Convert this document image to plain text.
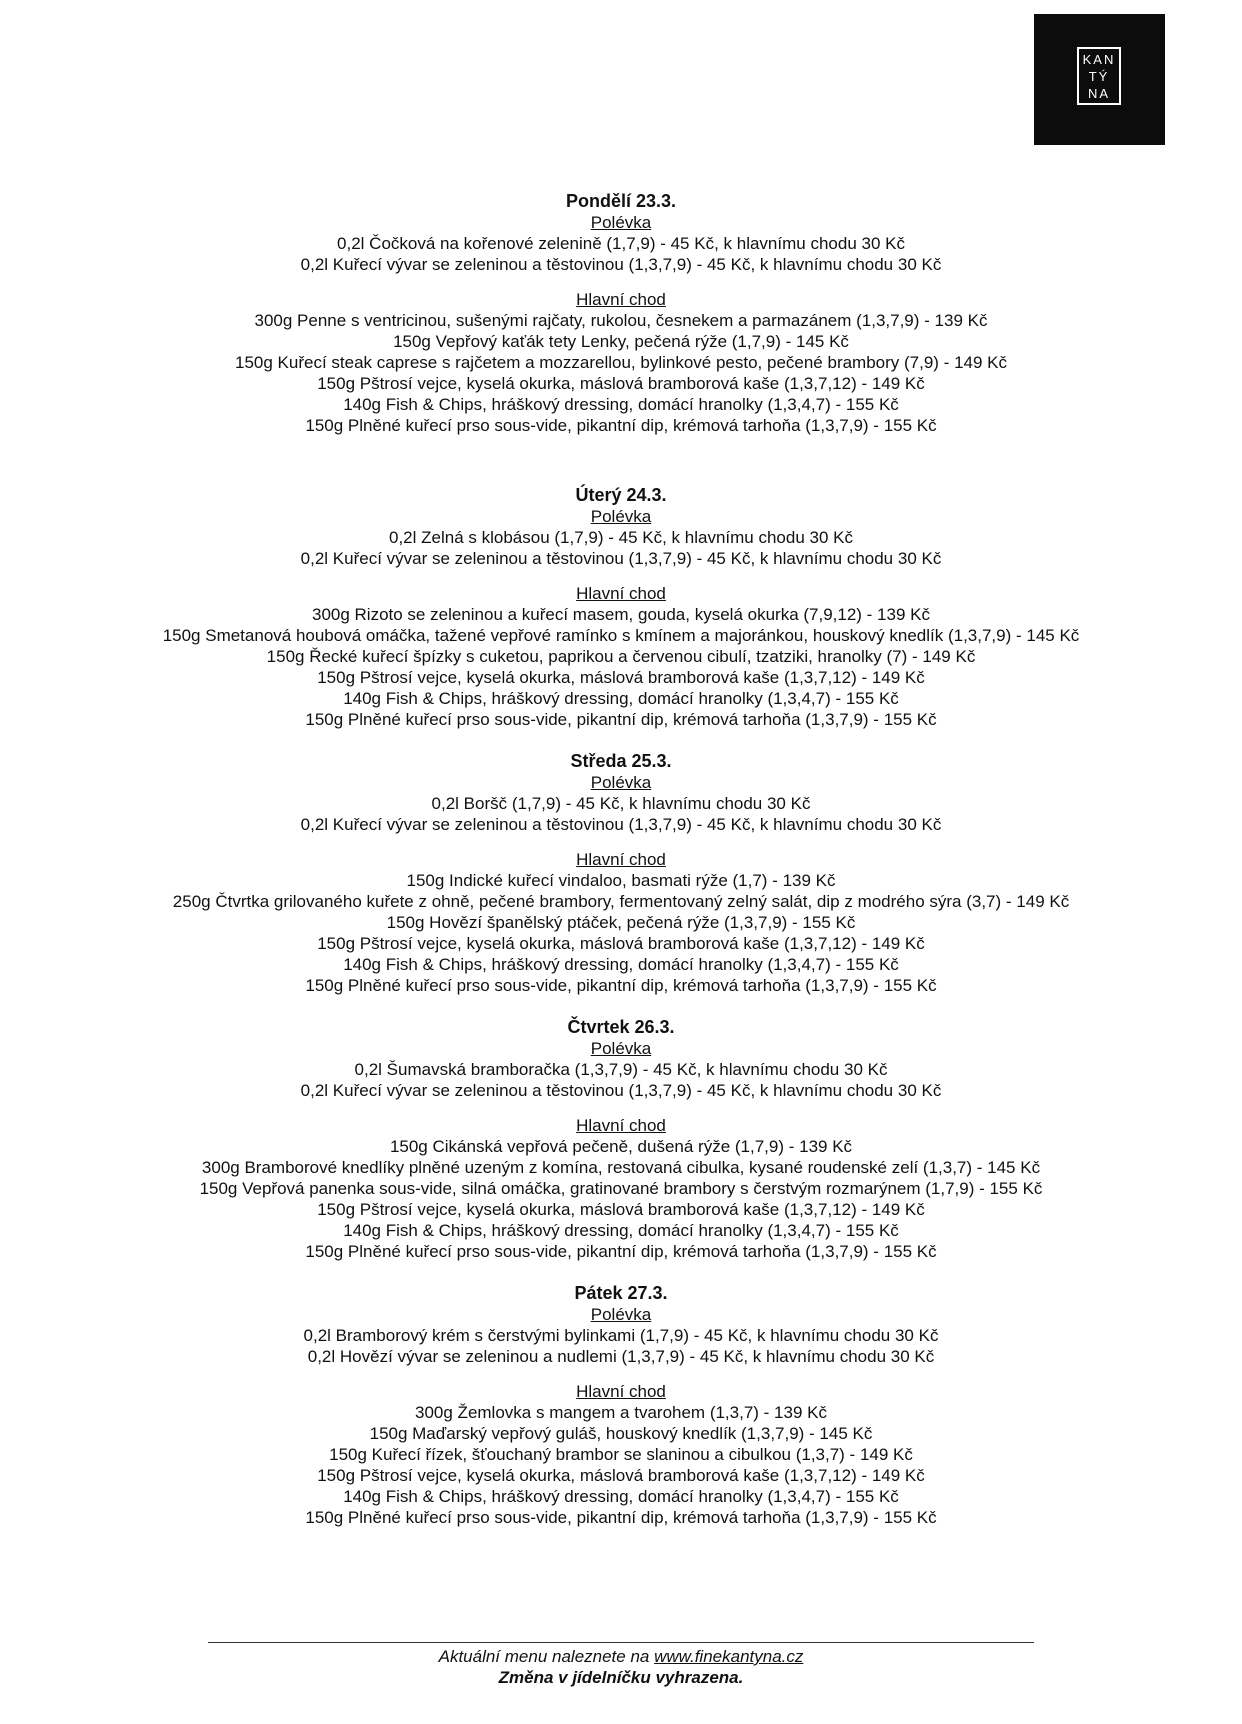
KAN
TÝ
NA
Pondělí 23.3.
Polévka
0,2l Čočková na kořenové zelenině (1,7,9) - 45 Kč, k hlavnímu chodu 30 Kč
0,2l Kuřecí vývar se zeleninou a těstovinou (1,3,7,9) - 45 Kč, k hlavnímu chodu 30 Kč
Hlavní chod
300g Penne s ventricinou, sušenými rajčaty, rukolou, česnekem a parmazánem (1,3,7,9) - 139 Kč
150g Vepřový kaťák tety Lenky, pečená rýže (1,7,9) - 145 Kč
150g Kuřecí steak caprese s rajčetem a mozzarellou, bylinkové pesto, pečené brambory (7,9) - 149 Kč
150g Pštrosí vejce, kyselá okurka, máslová bramborová kaše (1,3,7,12) - 149 Kč
140g Fish & Chips, hráškový dressing, domácí hranolky (1,3,4,7) - 155 Kč
150g Plněné kuřecí prso sous-vide, pikantní dip, krémová tarhoňa (1,3,7,9) - 155 Kč
Úterý 24.3.
Polévka
0,2l Zelná s klobásou (1,7,9) - 45 Kč, k hlavnímu chodu 30 Kč
0,2l Kuřecí vývar se zeleninou a těstovinou (1,3,7,9) - 45 Kč, k hlavnímu chodu 30 Kč
Hlavní chod
300g Rizoto se zeleninou a kuřecí masem, gouda, kyselá okurka (7,9,12) - 139 Kč
150g Smetanová houbová omáčka, tažené vepřové ramínko s kmínem a majoránkou, houskový knedlík (1,3,7,9) - 145 Kč
150g Řecké kuřecí špízky s cuketou, paprikou a červenou cibulí, tzatziki, hranolky (7) - 149 Kč
150g Pštrosí vejce, kyselá okurka, máslová bramborová kaše (1,3,7,12) - 149 Kč
140g Fish & Chips, hráškový dressing, domácí hranolky (1,3,4,7) - 155 Kč
150g Plněné kuřecí prso sous-vide, pikantní dip, krémová tarhoňa (1,3,7,9) - 155 Kč
Středa 25.3.
Polévka
0,2l Boršč (1,7,9) - 45 Kč, k hlavnímu chodu 30 Kč
0,2l Kuřecí vývar se zeleninou a těstovinou (1,3,7,9) - 45 Kč, k hlavnímu chodu 30 Kč
Hlavní chod
150g Indické kuřecí vindaloo, basmati rýže (1,7) - 139 Kč
250g Čtvrtka grilovaného kuřete z ohně, pečené brambory, fermentovaný zelný salát, dip z modrého sýra (3,7) - 149 Kč
150g Hovězí španělský ptáček, pečená rýže (1,3,7,9) - 155 Kč
150g Pštrosí vejce, kyselá okurka, máslová bramborová kaše (1,3,7,12) - 149 Kč
140g Fish & Chips, hráškový dressing, domácí hranolky (1,3,4,7) - 155 Kč
150g Plněné kuřecí prso sous-vide, pikantní dip, krémová tarhoňa (1,3,7,9) - 155 Kč
Čtvrtek 26.3.
Polévka
0,2l Šumavská bramboračka (1,3,7,9) - 45 Kč, k hlavnímu chodu 30 Kč
0,2l Kuřecí vývar se zeleninou a těstovinou (1,3,7,9) - 45 Kč, k hlavnímu chodu 30 Kč
Hlavní chod
150g Cikánská vepřová pečeně, dušená rýže (1,7,9) - 139 Kč
300g Bramborové knedlíky plněné uzeným z komína, restovaná cibulka, kysané roudenské zelí (1,3,7) - 145 Kč
150g Vepřová panenka sous-vide, silná omáčka, gratinované brambory s čerstvým rozmarýnem (1,7,9) - 155 Kč
150g Pštrosí vejce, kyselá okurka, máslová bramborová kaše (1,3,7,12) - 149 Kč
140g Fish & Chips, hráškový dressing, domácí hranolky (1,3,4,7) - 155 Kč
150g Plněné kuřecí prso sous-vide, pikantní dip, krémová tarhoňa (1,3,7,9) - 155 Kč
Pátek 27.3.
Polévka
0,2l Bramborový krém s čerstvými bylinkami (1,7,9) - 45 Kč, k hlavnímu chodu 30 Kč
0,2l Hovězí vývar se zeleninou a nudlemi (1,3,7,9) - 45 Kč, k hlavnímu chodu 30 Kč
Hlavní chod
300g Žemlovka s mangem a tvarohem (1,3,7) - 139 Kč
150g Maďarský vepřový guláš, houskový knedlík (1,3,7,9) - 145 Kč
150g Kuřecí řízek, šťouchaný brambor se slaninou a cibulkou (1,3,7) - 149 Kč
150g Pštrosí vejce, kyselá okurka, máslová bramborová kaše (1,3,7,12) - 149 Kč
140g Fish & Chips, hráškový dressing, domácí hranolky (1,3,4,7) - 155 Kč
150g Plněné kuřecí prso sous-vide, pikantní dip, krémová tarhoňa (1,3,7,9) - 155 Kč
Aktuální menu naleznete na www.finekantyna.cz
Změna v jídelníčku vyhrazena.
